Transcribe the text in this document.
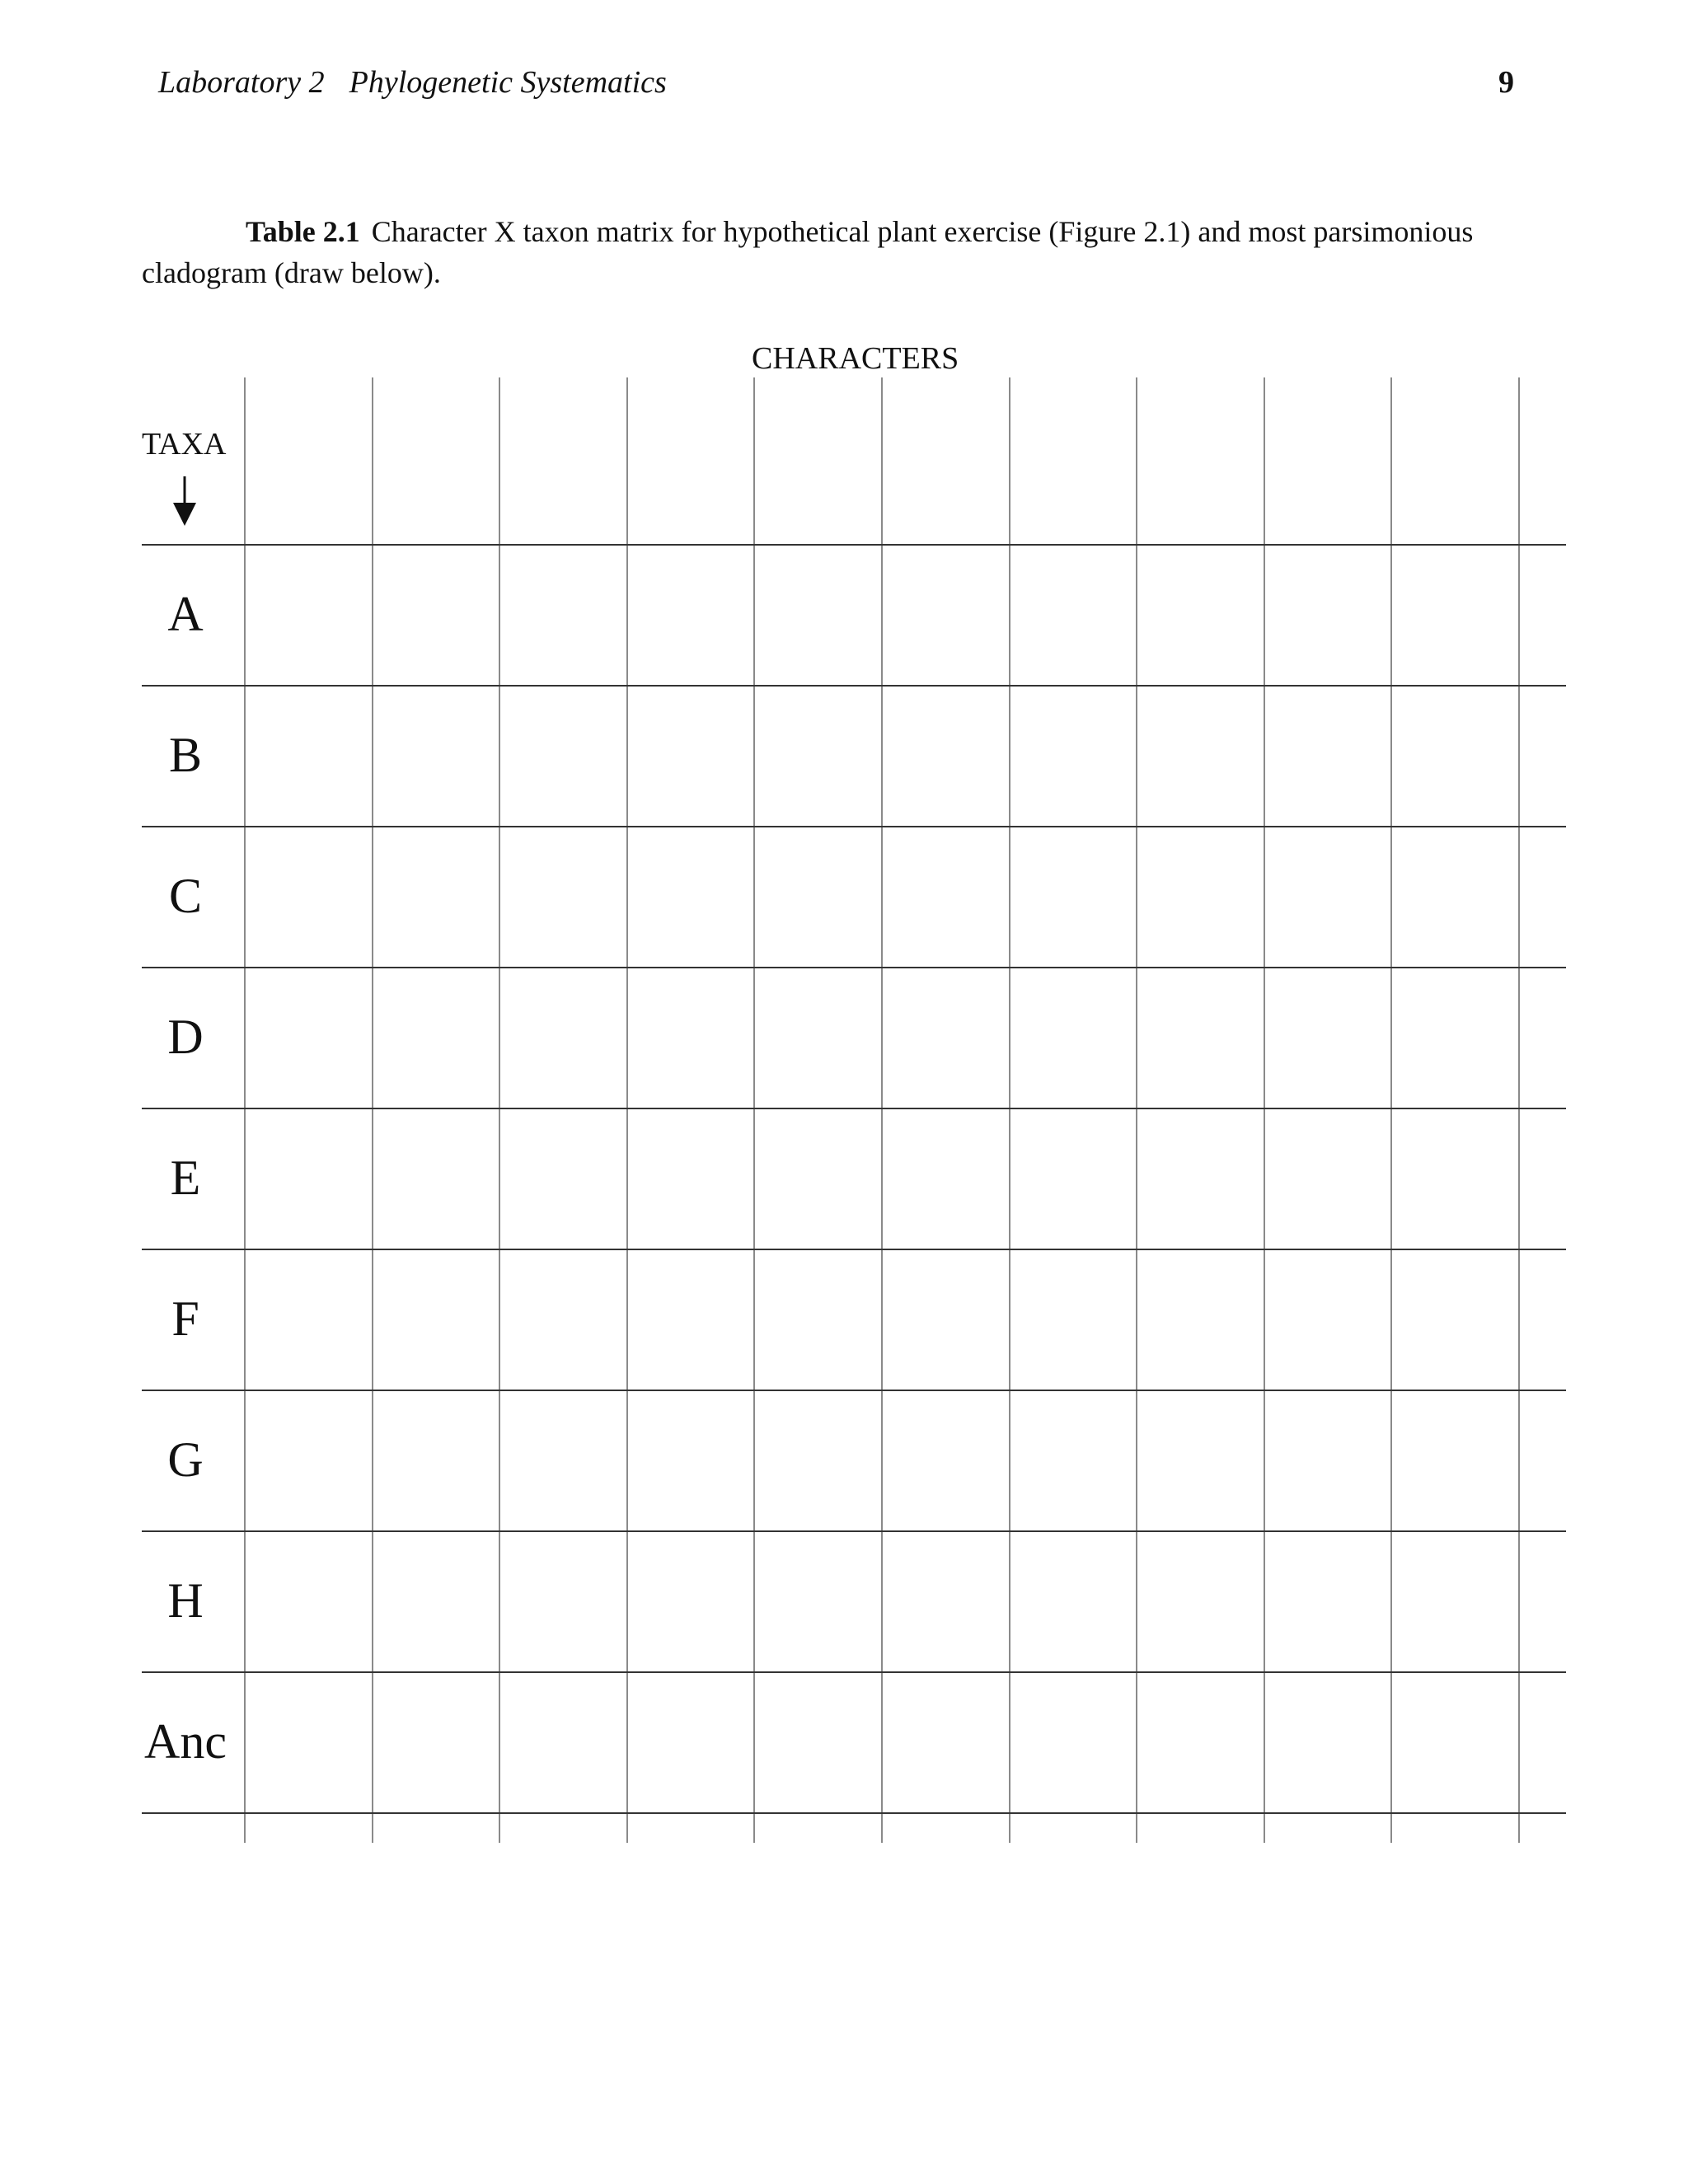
Laboratory 2 Phylogenetic Systematics	9
Table 2.1 Character X taxon matrix for hypothetical plant exercise (Figure 2.1) and most parsimonious cladogram (draw below).
CHARACTERS
TAXA
A
B
C
D
E
F
G
H
Anc
